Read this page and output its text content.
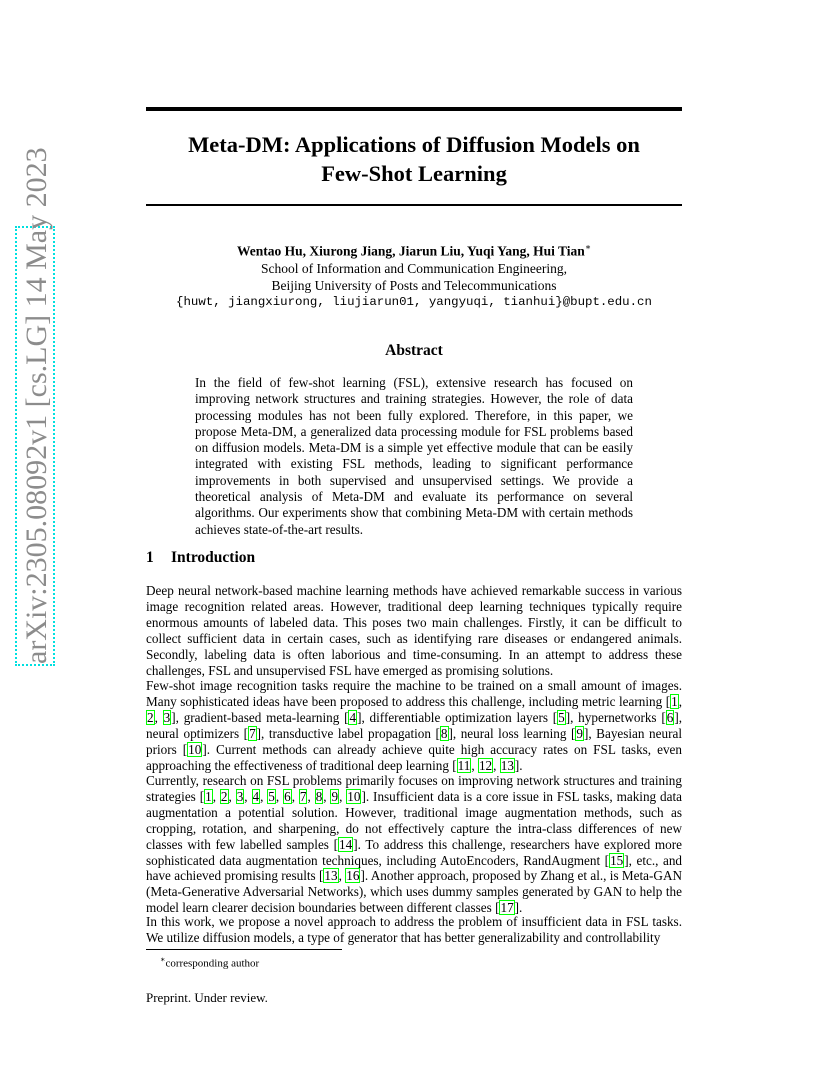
arXiv:2305.08092v1 [cs.LG] 14 May 2023
Meta-DM: Applications of Diffusion Models on
Few-Shot Learning
Wentao Hu, Xiurong Jiang, Jiarun Liu, Yuqi Yang, Hui Tian∗
School of Information and Communication Engineering,
Beijing University of Posts and Telecommunications
{huwt, jiangxiurong, liujiarun01, yangyuqi, tianhui}@bupt.edu.cn
Abstract
In the field of few-shot learning (FSL), extensive research has focused on improving network structures and training strategies. However, the role of data processing modules has not been fully explored. Therefore, in this paper, we propose Meta-DM, a generalized data processing module for FSL problems based on diffusion models. Meta-DM is a simple yet effective module that can be easily integrated with existing FSL methods, leading to significant performance improvements in both supervised and unsupervised settings. We provide a theoretical analysis of Meta-DM and evaluate its performance on several algorithms. Our experiments show that combining Meta-DM with certain methods achieves state-of-the-art results.
1 Introduction
Deep neural network-based machine learning methods have achieved remarkable success in various image recognition related areas. However, traditional deep learning techniques typically require enormous amounts of labeled data. This poses two main challenges. Firstly, it can be difficult to collect sufficient data in certain cases, such as identifying rare diseases or endangered animals. Secondly, labeling data is often laborious and time-consuming. In an attempt to address these challenges, FSL and unsupervised FSL have emerged as promising solutions.
Few-shot image recognition tasks require the machine to be trained on a small amount of images. Many sophisticated ideas have been proposed to address this challenge, including metric learning [1, 2, 3], gradient-based meta-learning [4], differentiable optimization layers [5], hypernetworks [6], neural optimizers [7], transductive label propagation [8], neural loss learning [9], Bayesian neural priors [10]. Current methods can already achieve quite high accuracy rates on FSL tasks, even approaching the effectiveness of traditional deep learning [11, 12, 13].
Currently, research on FSL problems primarily focuses on improving network structures and training strategies [1, 2, 3, 4, 5, 6, 7, 8, 9, 10]. Insufficient data is a core issue in FSL tasks, making data augmentation a potential solution. However, traditional image augmentation methods, such as cropping, rotation, and sharpening, do not effectively capture the intra-class differences of new classes with few labelled samples [14]. To address this challenge, researchers have explored more sophisticated data augmentation techniques, including AutoEncoders, RandAugment [15], etc., and have achieved promising results [13, 16]. Another approach, proposed by Zhang et al., is Meta-GAN (Meta-Generative Adversarial Networks), which uses dummy samples generated by GAN to help the model learn clearer decision boundaries between different classes [17].
In this work, we propose a novel approach to address the problem of insufficient data in FSL tasks. We utilize diffusion models, a type of generator that has better generalizability and controllability
∗corresponding author
Preprint. Under review.
